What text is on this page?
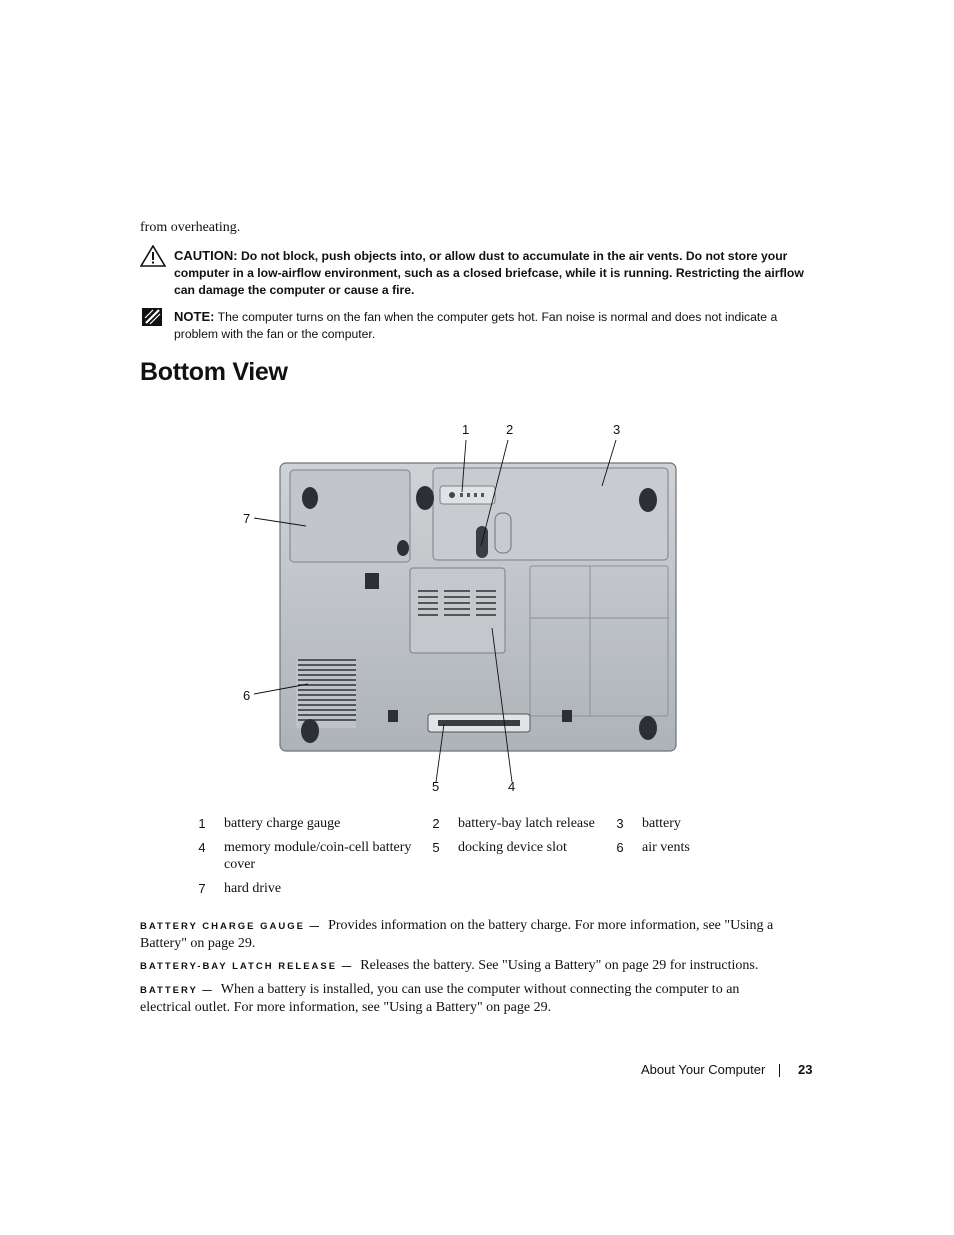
from overheating.
CAUTION: Do not block, push objects into, or allow dust to accumulate in the air vents. Do not store your computer in a low-airflow environment, such as a closed briefcase, while it is running. Restricting the airflow can damage the computer or cause a fire.
NOTE: The computer turns on the fan when the computer gets hot. Fan noise is normal and does not indicate a problem with the fan or the computer.
Bottom View
1	2	3
4
5
6
7
1	battery charge gauge	2	battery-bay latch release	3	battery
4	memory module/coin-cell battery cover	5	docking device slot	6	air vents
7	hard drive				
BATTERY CHARGE GAUGE — Provides information on the battery charge. For more information, see "Using a Battery" on page 29.
BATTERY-BAY LATCH RELEASE — Releases the battery. See "Using a Battery" on page 29 for instructions.
BATTERY — When a battery is installed, you can use the computer without connecting the computer to an electrical outlet. For more information, see "Using a Battery" on page 29.
About Your Computer	23
